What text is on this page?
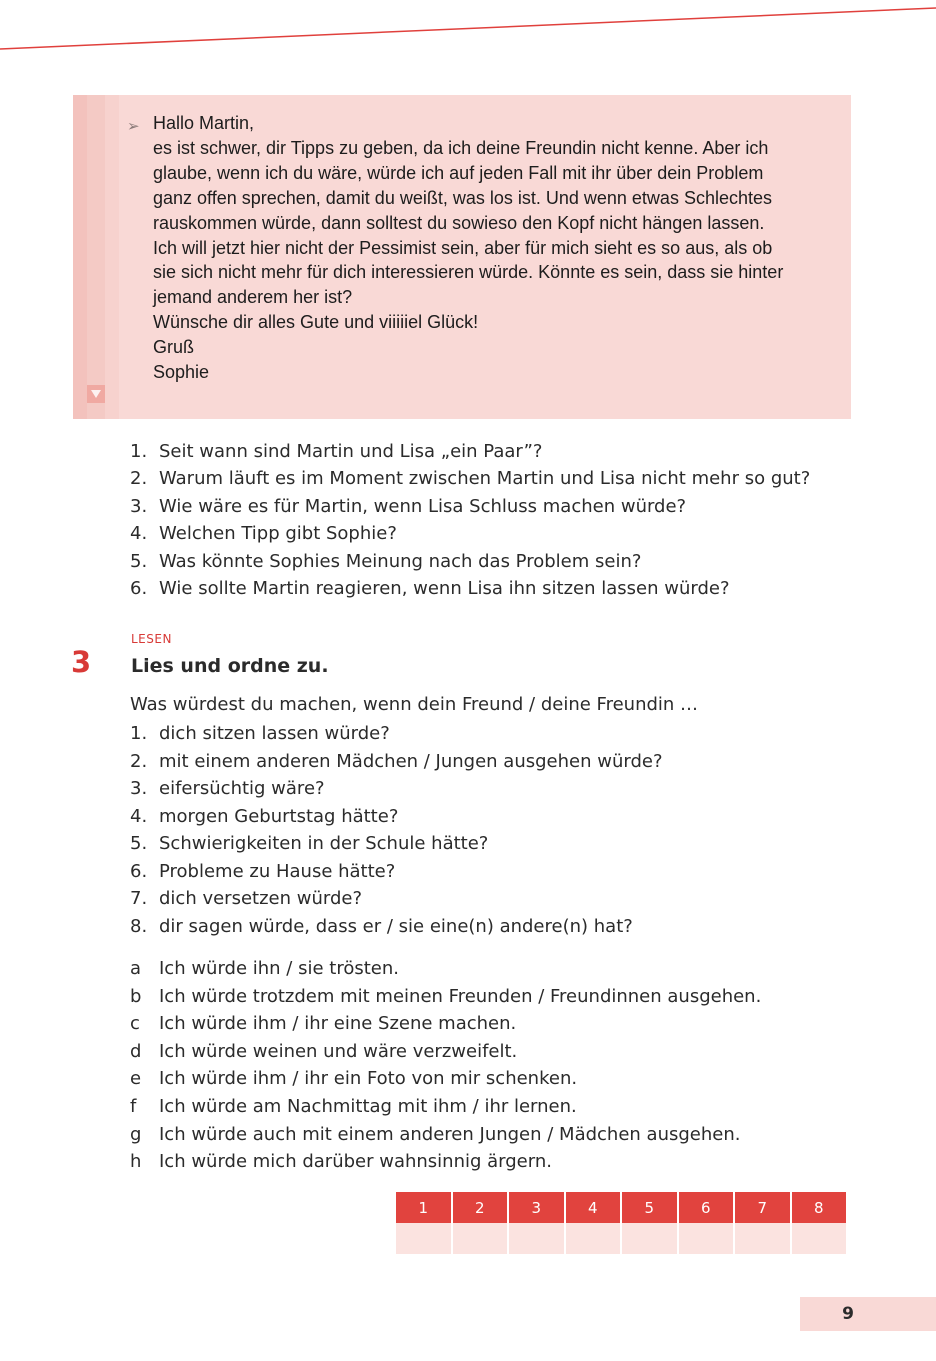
➢ Hallo Martin,
es ist schwer, dir Tipps zu geben, da ich deine Freundin nicht kenne. Aber ich
glaube, wenn ich du wäre, würde ich auf jeden Fall mit ihr über dein Problem
ganz offen sprechen, damit du weißt, was los ist. Und wenn etwas Schlechtes
rauskommen würde, dann solltest du sowieso den Kopf nicht hängen lassen.
Ich will jetzt hier nicht der Pessimist sein, aber für mich sieht es so aus, als ob
sie sich nicht mehr für dich interessieren würde. Könnte es sein, dass sie hinter
jemand anderem her ist?
Wünsche dir alles Gute und viiiiiel Glück!
Gruß
Sophie
1. Seit wann sind Martin und Lisa „ein Paar”?
2. Warum läuft es im Moment zwischen Martin und Lisa nicht mehr so gut?
3. Wie wäre es für Martin, wenn Lisa Schluss machen würde?
4. Welchen Tipp gibt Sophie?
5. Was könnte Sophies Meinung nach das Problem sein?
6. Wie sollte Martin reagieren, wenn Lisa ihn sitzen lassen würde?
LESEN
3 Lies und ordne zu.
Was würdest du machen, wenn dein Freund / deine Freundin …
1. dich sitzen lassen würde?
2. mit einem anderen Mädchen / Jungen ausgehen würde?
3. eifersüchtig wäre?
4. morgen Geburtstag hätte?
5. Schwierigkeiten in der Schule hätte?
6. Probleme zu Hause hätte?
7. dich versetzen würde?
8. dir sagen würde, dass er / sie eine(n) andere(n) hat?
a Ich würde ihn / sie trösten.
b Ich würde trotzdem mit meinen Freunden / Freundinnen ausgehen.
c Ich würde ihm / ihr eine Szene machen.
d Ich würde weinen und wäre verzweifelt.
e Ich würde ihm / ihr ein Foto von mir schenken.
f Ich würde am Nachmittag mit ihm / ihr lernen.
g Ich würde auch mit einem anderen Jungen / Mädchen ausgehen.
h Ich würde mich darüber wahnsinnig ärgern.
1	2	3	4	5	6	7	8

9
